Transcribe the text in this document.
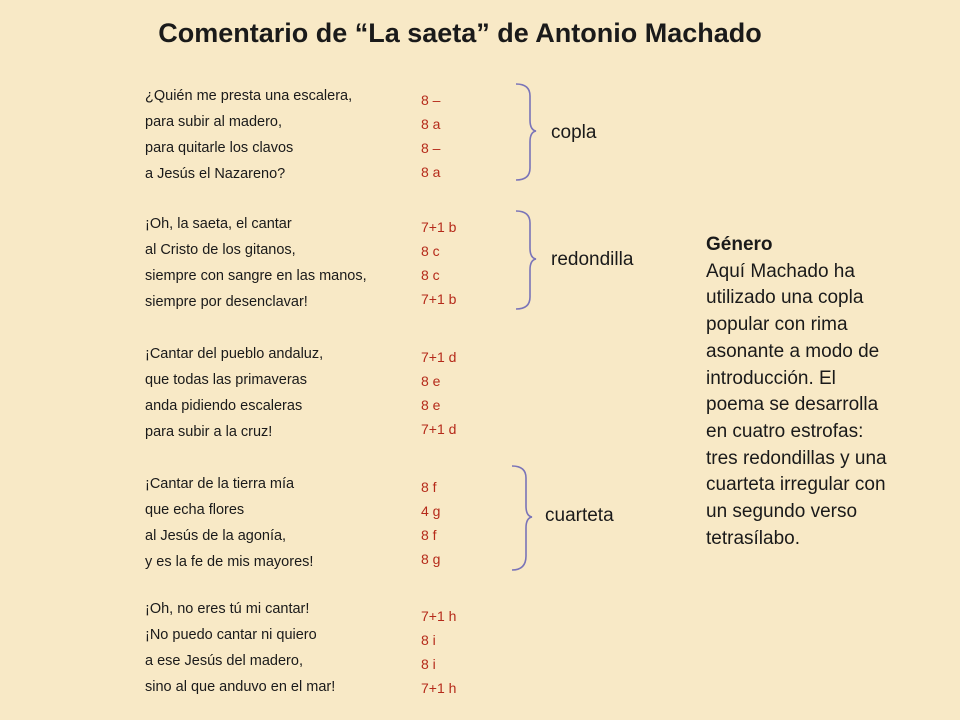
Comentario de “La saeta” de Antonio Machado
¿Quién me presta una escalera,
para subir al madero,
para quitarle los clavos
a Jesús el Nazareno?
8 –
8 a
8 –
8 a
¡Oh, la saeta, el cantar
al Cristo de los gitanos,
siempre con sangre en las manos,
siempre por desenclavar!
7+1 b
8 c
8 c
7+1 b
¡Cantar del pueblo andaluz,
que todas las primaveras
anda pidiendo escaleras
para subir a la cruz!
7+1 d
8 e
8 e
7+1 d
¡Cantar de la tierra mía
que echa flores
al Jesús de la agonía,
y es la fe de mis mayores!
8 f
4 g
8 f
8 g
¡Oh, no eres tú mi cantar!
¡No puedo cantar ni quiero
a ese Jesús del madero,
sino al que anduvo en el mar!
7+1 h
8 i
8 i
7+1 h
copla
redondilla
cuarteta
Género
Aquí Machado ha
utilizado una copla
popular con rima
asonante a modo de
introducción. El
poema se desarrolla
en cuatro estrofas:
tres redondillas y una
cuarteta irregular con
un segundo verso
tetrasílabo.
